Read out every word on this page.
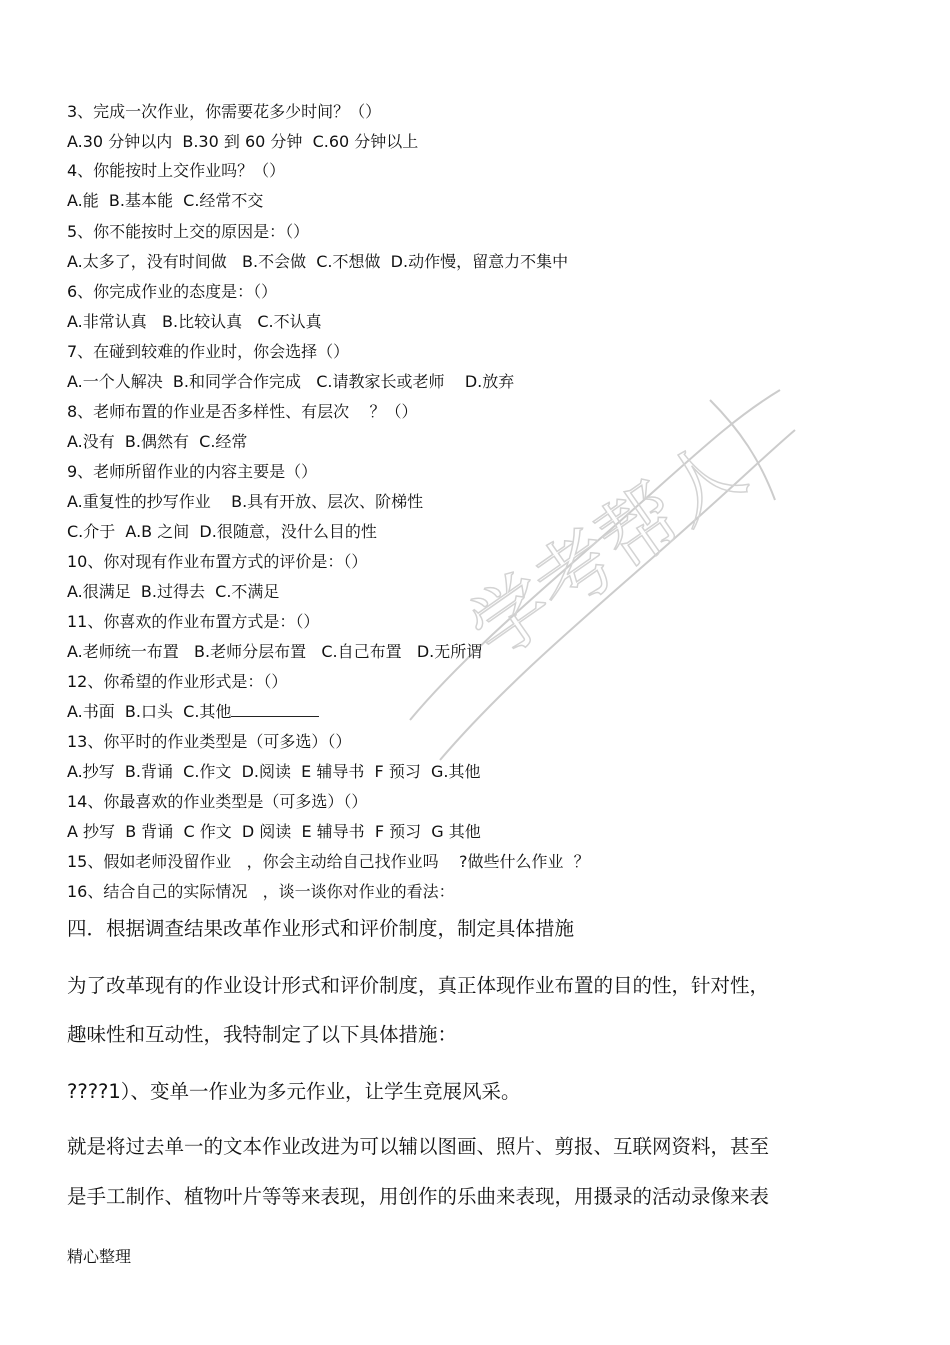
3、完成一次作业，你需要花多少时间？（）
A.30 分钟以内  B.30 到 60 分钟  C.60 分钟以上
4、你能按时上交作业吗？（）
A.能  B.基本能  C.经常不交
5、你不能按时上交的原因是：（）
A.太多了，没有时间做   B.不会做  C.不想做  D.动作慢，留意力不集中
6、你完成作业的态度是：（）
A.非常认真   B.比较认真   C.不认真
7、在碰到较难的作业时，你会选择（）
A.一个人解决  B.和同学合作完成   C.请教家长或老师    D.放弃
8、老师布置的作业是否多样性、有层次    ？（）
A.没有  B.偶然有  C.经常
9、老师所留作业的内容主要是（）
A.重复性的抄写作业    B.具有开放、层次、阶梯性
C.介于  A.B 之间  D.很随意，没什么目的性
10、你对现有作业布置方式的评价是：（）
A.很满足  B.过得去  C.不满足
11、你喜欢的作业布置方式是：（）
A.老师统一布置   B.老师分层布置   C.自己布置   D.无所谓
12、你希望的作业形式是：（）
A.书面  B.口头  C.其他
13、你平时的作业类型是（可多选）（）
A.抄写  B.背诵  C.作文  D.阅读  E 辅导书  F 预习  G.其他
14、你最喜欢的作业类型是（可多选）（）
A 抄写  B 背诵  C 作文  D 阅读  E 辅导书  F 预习  G 其他
15、假如老师没留作业   ，你会主动给自己找作业吗    ?做些什么作业  ？
16、结合自己的实际情况   ，谈一谈你对作业的看法：
四．根据调查结果改革作业形式和评价制度，制定具体措施
为了改革现有的作业设计形式和评价制度，真正体现作业布置的目的性，针对性，
趣味性和互动性，我特制定了以下具体措施：
????1）、变单一作业为多元作业，让学生竞展风采。
就是将过去单一的文本作业改进为可以辅以图画、照片、剪报、互联网资料，甚至
是手工制作、植物叶片等等来表现，用创作的乐曲来表现，用摄录的活动录像来表
精心整理
学考帮人
